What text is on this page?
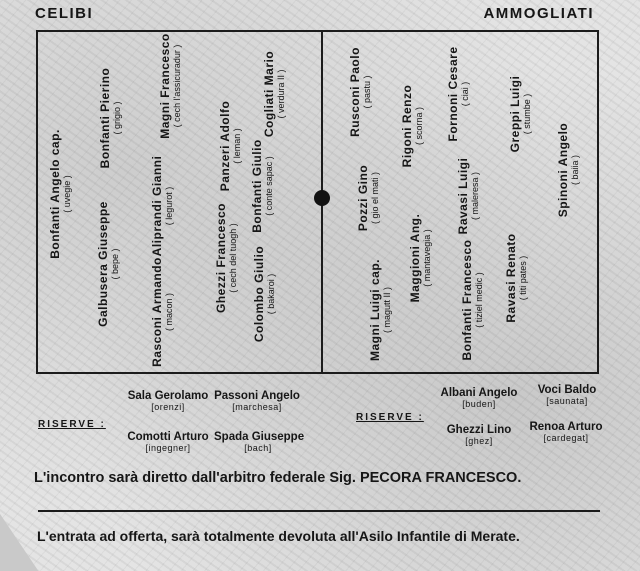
CELIBI	AMMOGLIATI
Bonfanti Angelo cap. ( uvegie )
Galbusera Giuseppe ( bepe )	Rasconi Armando ( macon )
Bonfanti Pierino ( grigio )
Aliprandi Gianni ( legurot )
Magni Francesco ( cech l'assicuradur )
Ghezzi Francesco ( cech del tuogh )
Panzeri Adolfo ( leman ) Bonfanti Giulio ( conte sapac )
Colombo Giulio ( bakaroi )
Cogliati Mario ( verdura II )
Spinoni Angelo ( baiia )
Ravasi Renato ( titi pates )
Greppi Luigi ( stumbe )
Ravasi Luigi ( maleresa )
Bonfanti Francesco ( tiziel medic )
Fornoni Cesare ( ciai )
Magni Luigi cap. ( magutt II )
Maggioni Ang. ( mantavegia )
Rigoni Renzo ( scorna )
Pozzi Gino ( gio el mati )
Rusconi Paolo ( pastu )
RISERVE :
Sala Gerolamo
[orenzi]
Passoni Angelo
[marchesa]
Comotti Arturo
[ingegner]
Spada Giuseppe
[bach]
RISERVE :
Albani Angelo
[buden]
Voci Baldo
[saunata]
Ghezzi Lino
[ghez]
Renoa Arturo
[cardegat]
L'incontro sarà diretto dall'arbitro federale Sig. PECORA FRANCESCO.
L'entrata ad offerta, sarà totalmente devoluta all'Asilo Infantile di Merate.
